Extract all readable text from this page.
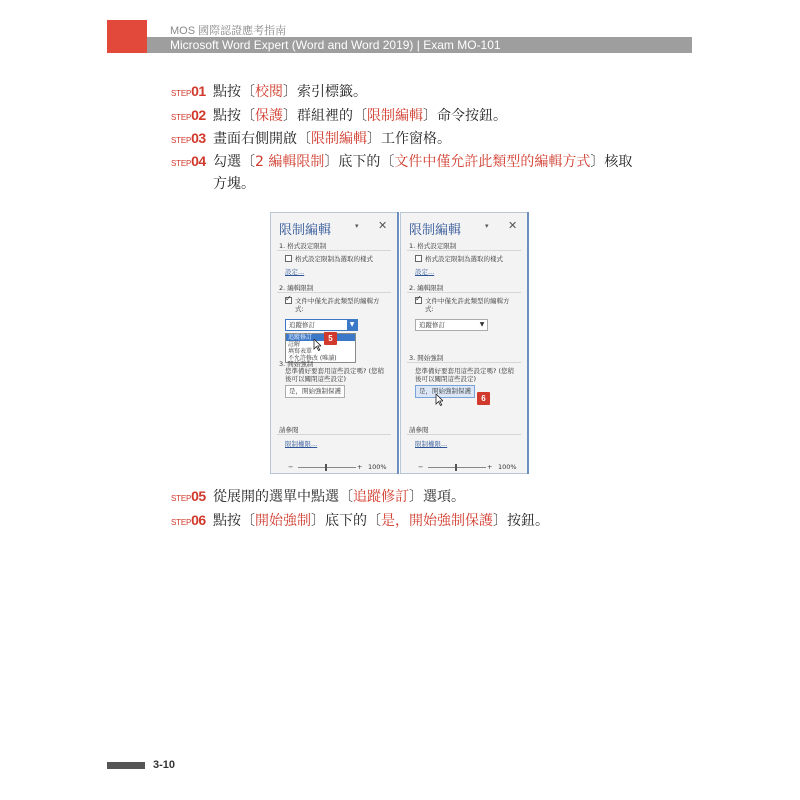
MOS 國際認證應考指南
Microsoft Word Expert (Word and Word 2019) | Exam MO-101
STEP01 點按〔校閱〕索引標籤。
STEP02 點按〔保護〕群組裡的〔限制編輯〕命令按鈕。
STEP03 畫面右側開啟〔限制編輯〕工作窗格。
STEP04 勾選〔2 編輯限制〕底下的〔文件中僅允許此類型的編輯方式〕核取
方塊。
限制編輯	▾ ✕
1. 格式設定限制
格式設定限制為選取的樣式
設定...
2. 編輯限制
✓
文件中僅允許此類型的編輯方
式:
追蹤修訂	▼
追蹤修訂
註解
填寫表單
不允許修改 (唯讀)
5
3. 開始強制
您準備好要套用這些設定嗎? (您稍
後可以關閉這些設定)
是，開始強制保護
請參閱
限制權限...
−	+ 100%
限制編輯	▾ ✕
1. 格式設定限制
格式設定限制為選取的樣式
設定...
2. 編輯限制
✓
文件中僅允許此類型的編輯方
式:
追蹤修訂	▼
3. 開始強制
您準備好要套用這些設定嗎? (您稍
後可以關閉這些設定)
是，開始強制保護
6
請參閱
限制權限...
−	+ 100%
STEP05 從展開的選單中點選〔追蹤修訂〕選項。
STEP06 點按〔開始強制〕底下的〔是，開始強制保護〕按鈕。
3-10
